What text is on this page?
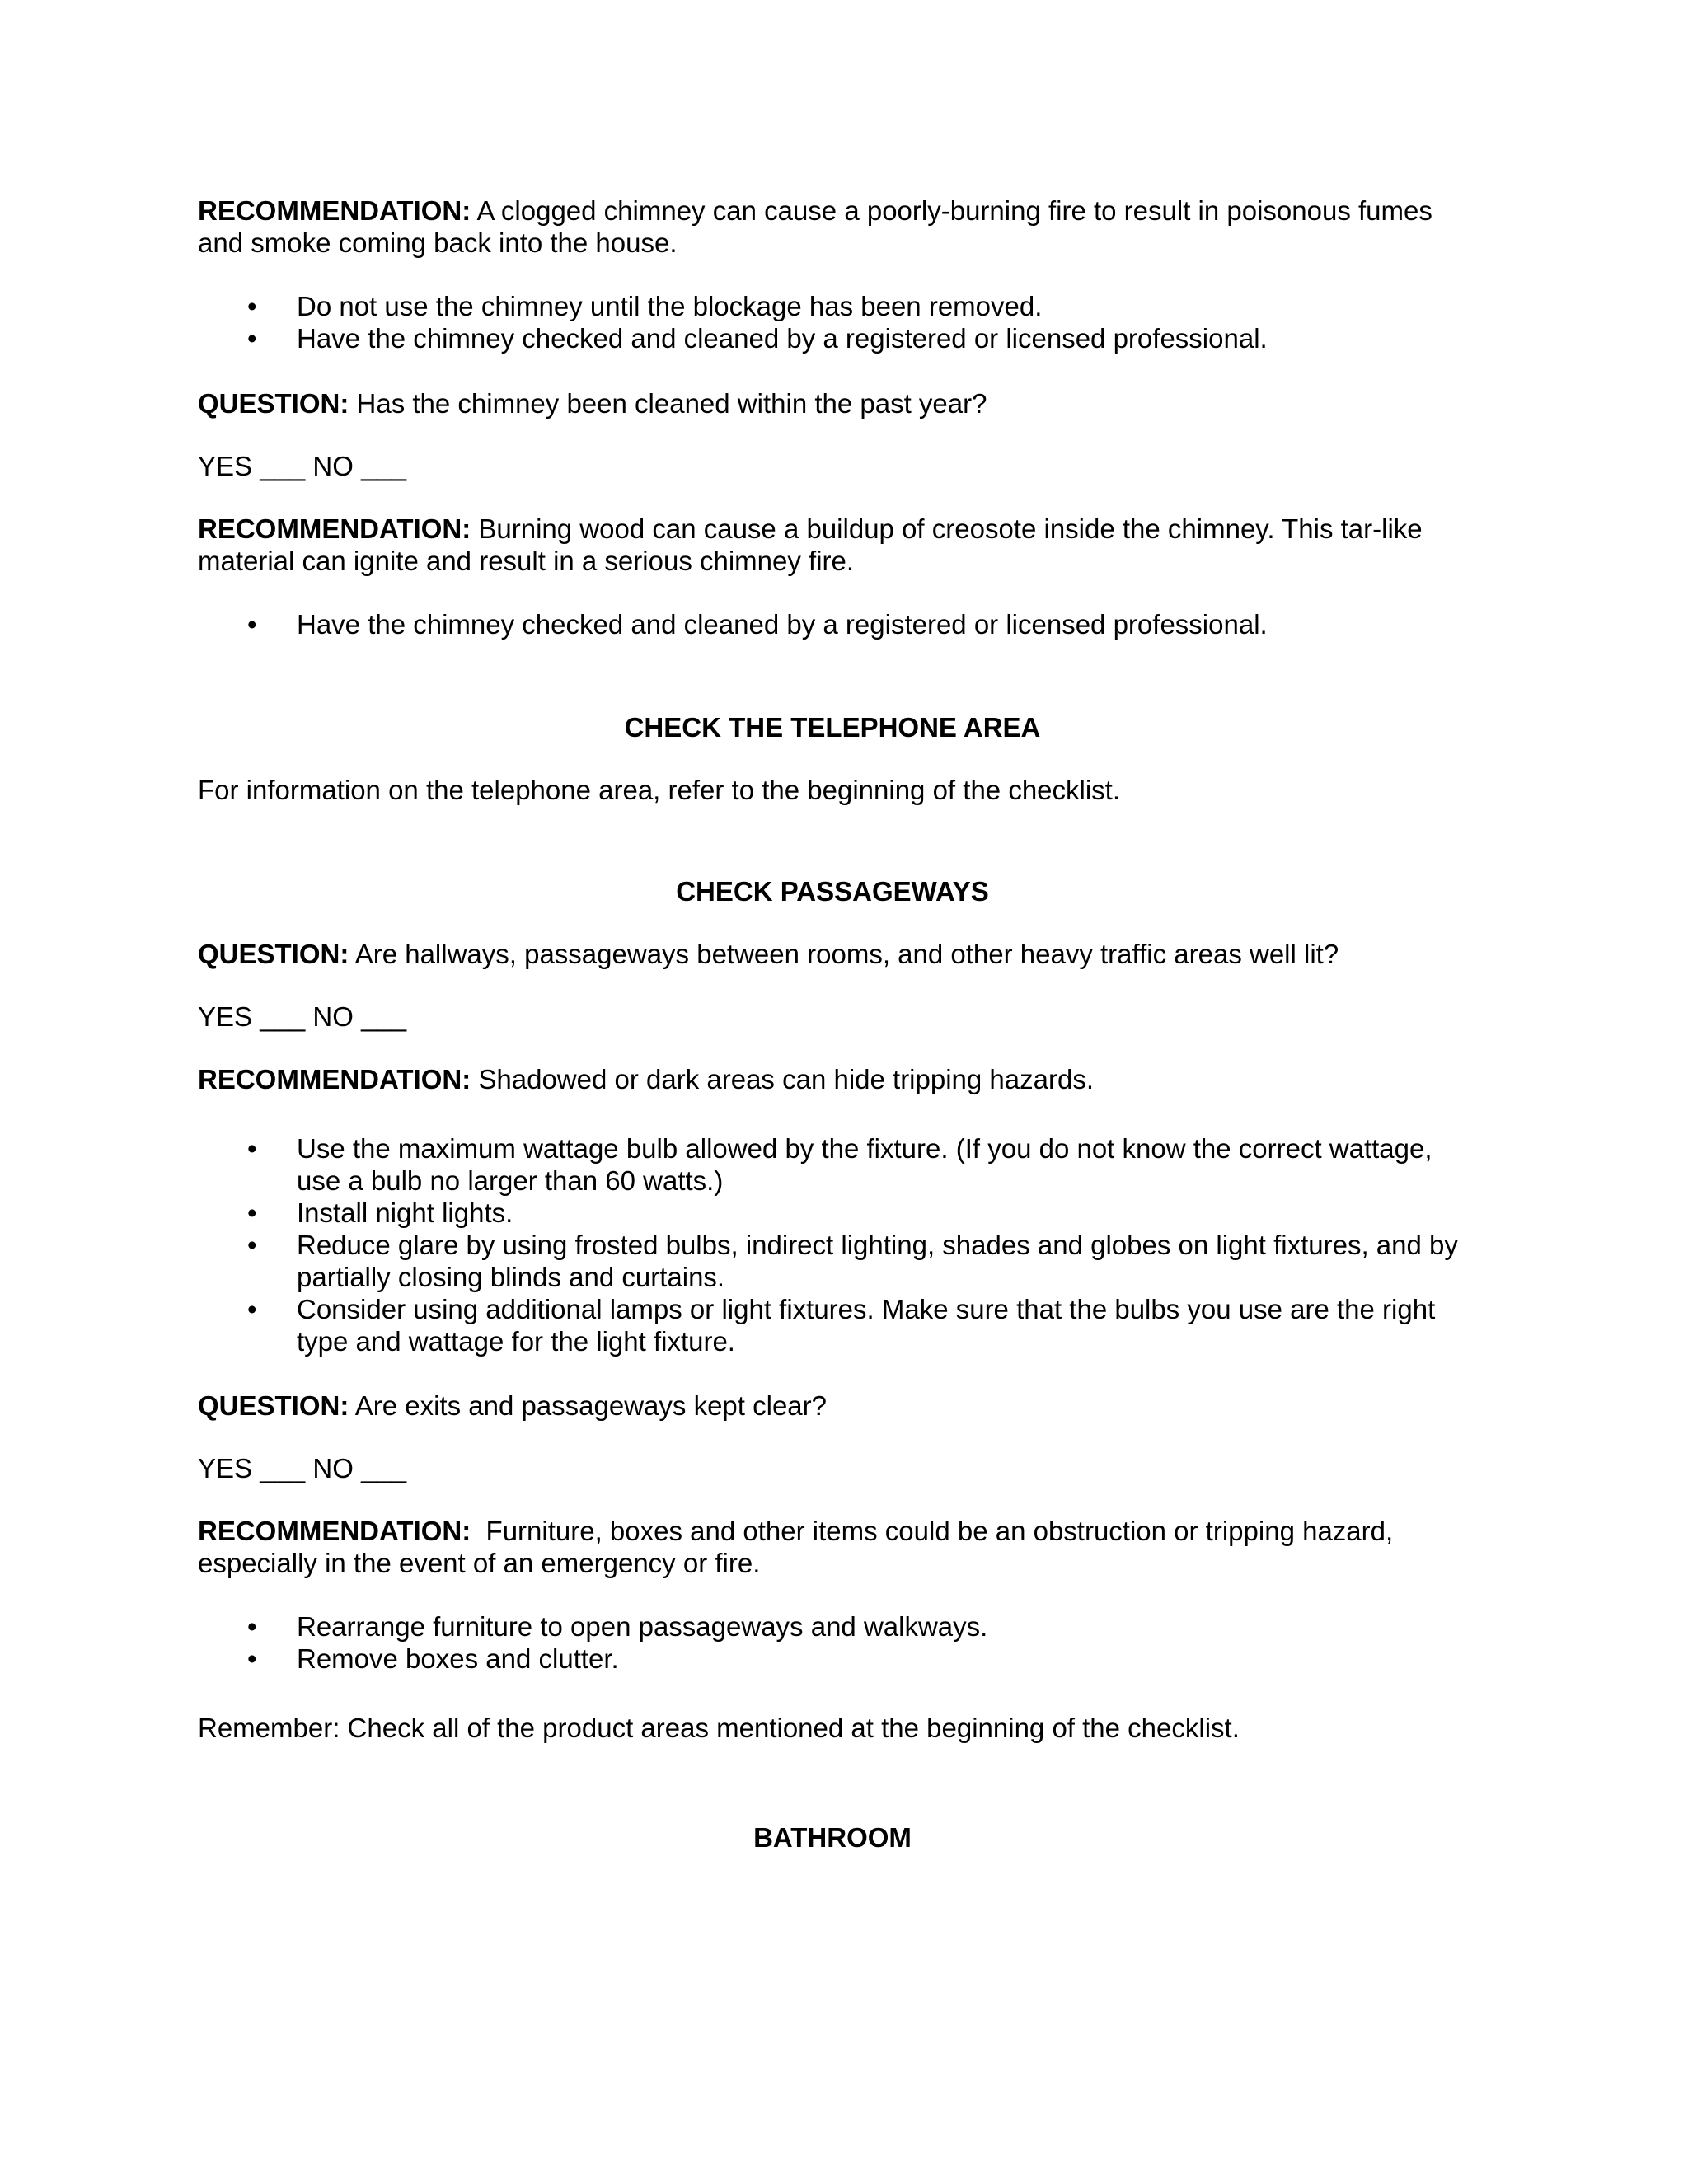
RECOMMENDATION: A clogged chimney can cause a poorly-burning fire to result in poisonous fumes and smoke coming back into the house.

• Do not use the chimney until the blockage has been removed.
• Have the chimney checked and cleaned by a registered or licensed professional.

QUESTION: Has the chimney been cleaned within the past year?

YES ___ NO ___

RECOMMENDATION: Burning wood can cause a buildup of creosote inside the chimney. This tar-like material can ignite and result in a serious chimney fire.

• Have the chimney checked and cleaned by a registered or licensed professional.

CHECK THE TELEPHONE AREA

For information on the telephone area, refer to the beginning of the checklist.

CHECK PASSAGEWAYS

QUESTION: Are hallways, passageways between rooms, and other heavy traffic areas well lit?

YES ___ NO ___

RECOMMENDATION: Shadowed or dark areas can hide tripping hazards.

• Use the maximum wattage bulb allowed by the fixture. (If you do not know the correct wattage, use a bulb no larger than 60 watts.)
• Install night lights.
• Reduce glare by using frosted bulbs, indirect lighting, shades and globes on light fixtures, and by partially closing blinds and curtains.
• Consider using additional lamps or light fixtures. Make sure that the bulbs you use are the right type and wattage for the light fixture.

QUESTION: Are exits and passageways kept clear?

YES ___ NO ___

RECOMMENDATION:  Furniture, boxes and other items could be an obstruction or tripping hazard, especially in the event of an emergency or fire.

• Rearrange furniture to open passageways and walkways.
• Remove boxes and clutter.

Remember: Check all of the product areas mentioned at the beginning of the checklist.

BATHROOM
